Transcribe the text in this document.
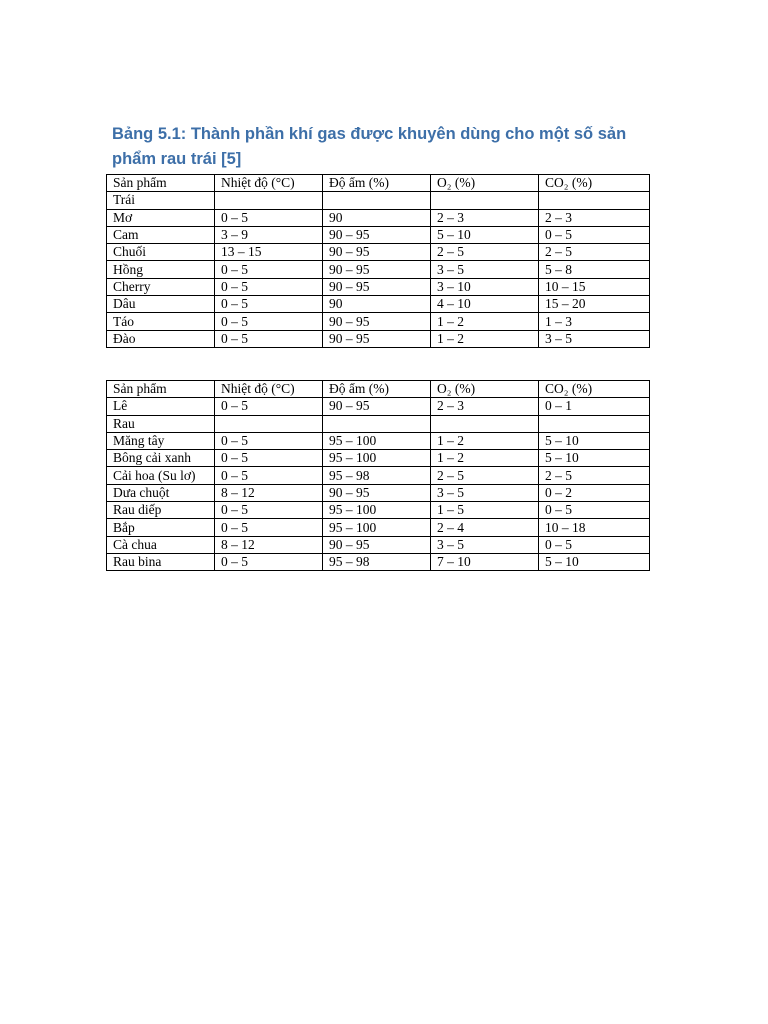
Bảng 5.1: Thành phần khí gas được khuyên dùng cho một số sản phẩm rau trái [5]

Sản phẩm	Nhiệt độ (°C)	Độ ẩm (%)	O₂ (%)	CO₂ (%)
Trái				
Mơ	0 – 5	90	2 – 3	2 – 3
Cam	3 – 9	90 – 95	5 – 10	0 – 5
Chuối	13 – 15	90 – 95	2 – 5	2 – 5
Hồng	0 – 5	90 – 95	3 – 5	5 – 8
Cherry	0 – 5	90 – 95	3 – 10	10 – 15
Dâu	0 – 5	90	4 – 10	15 – 20
Táo	0 – 5	90 – 95	1 – 2	1 – 3
Đào	0 – 5	90 – 95	1 – 2	3 – 5
Sản phẩm	Nhiệt độ (°C)	Độ ẩm (%)	O₂ (%)	CO₂ (%)
Lê	0 – 5	90 – 95	2 – 3	0 – 1
Rau				
Măng tây	0 – 5	95 – 100	1 – 2	5 – 10
Bông cải xanh	0 – 5	95 – 100	1 – 2	5 – 10
Cải hoa (Su lơ)	0 – 5	95 – 98	2 – 5	2 – 5
Dưa chuột	8 – 12	90 – 95	3 – 5	0 – 2
Rau diếp	0 – 5	95 – 100	1 – 5	0 – 5
Bắp	0 – 5	95 – 100	2 – 4	10 – 18
Cà chua	8 – 12	90 – 95	3 – 5	0 – 5
Rau bina	0 – 5	95 – 98	7 – 10	5 – 10
